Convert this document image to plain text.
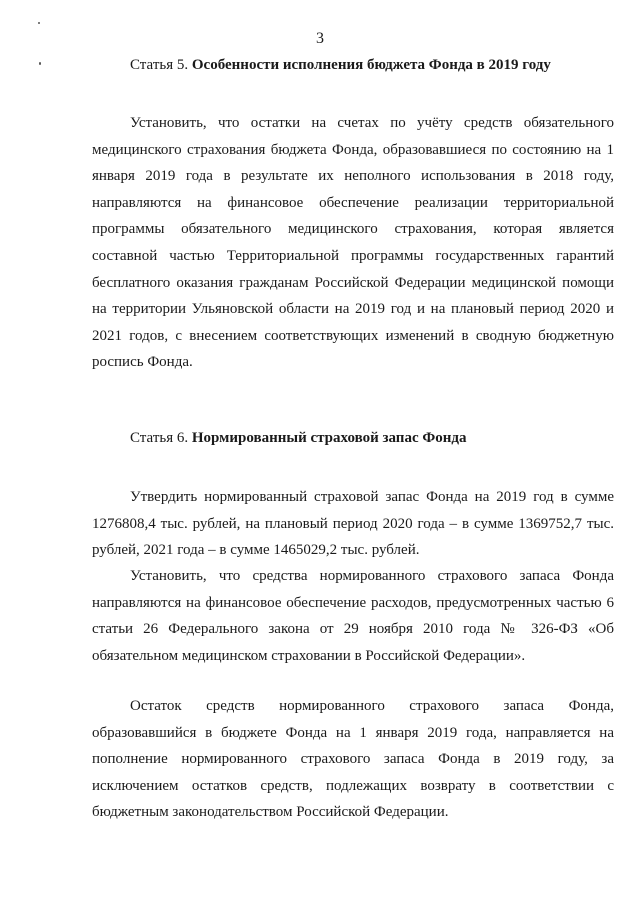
3
Статья 5. Особенности исполнения бюджета Фонда в 2019 году

Установить, что остатки на счетах по учёту средств обязательного медицинского страхования бюджета Фонда, образовавшиеся по состоянию на 1 января 2019 года в результате их неполного использования в 2018 году, направляются на финансовое обеспечение реализации территориальной программы обязательного медицинского страхования, которая является составной частью Территориальной программы государственных гарантий бесплатного оказания гражданам Российской Федерации медицинской помощи на территории Ульяновской области на 2019 год и на плановый период 2020 и 2021 годов, с внесением соответствующих изменений в сводную бюджетную роспись Фонда.

Статья 6. Нормированный страховой запас Фонда

Утвердить нормированный страховой запас Фонда на 2019 год в сумме 1276808,4 тыс. рублей, на плановый период 2020 года – в сумме 1369752,7 тыс. рублей, 2021 года – в сумме 1465029,2 тыс. рублей.

Установить, что средства нормированного страхового запаса Фонда направляются на финансовое обеспечение расходов, предусмотренных частью 6 статьи 26 Федерального закона от 29 ноября 2010 года № 326-ФЗ «Об обязательном медицинском страховании в Российской Федерации».

Остаток средств нормированного страхового запаса Фонда, образовавшийся в бюджете Фонда на 1 января 2019 года, направляется на пополнение нормированного страхового запаса Фонда в 2019 году, за исключением остатков средств, подлежащих возврату в соответствии с бюджетным законодательством Российской Федерации.
